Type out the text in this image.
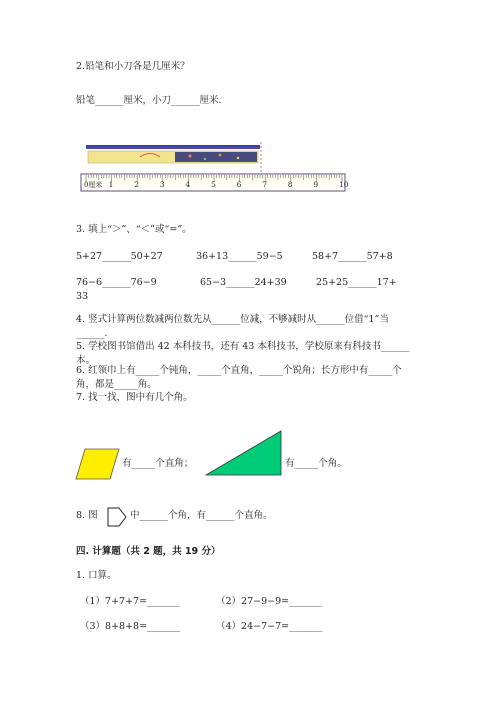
2.铅笔和小刀各是几厘米？
铅笔______厘米，小刀______厘米．
0厘米 1	2	3	4	5	6	7	8	9	10
3. 填上“＞”、“＜”或“=”。
5+27______50+27	36+13______59−5	58+7______57+8
76−6______76−9	65−3______24+39	25+25______17+
33
4. 竖式计算两位数减两位数先从______位减，不够减时从______位借“1”当
______.
5. 学校图书馆借出 42 本科技书，还有 43 本科技书，学校原来有科技书______
本。
6. 红领巾上有_____个钝角，_____个直角，_____个锐角；长方形中有_____个
角，都是_____角。
7. 找一找，图中有几个角。
有_____个直角；	有_____个角。
8. 图	中______个角，有______个直角。
四. 计算题（共 2 题，共 19 分）
1. 口算。
（1）7+7+7=_______	（2）27−9−9=_______
（3）8+8+8=_______	（4）24−7−7=_______
